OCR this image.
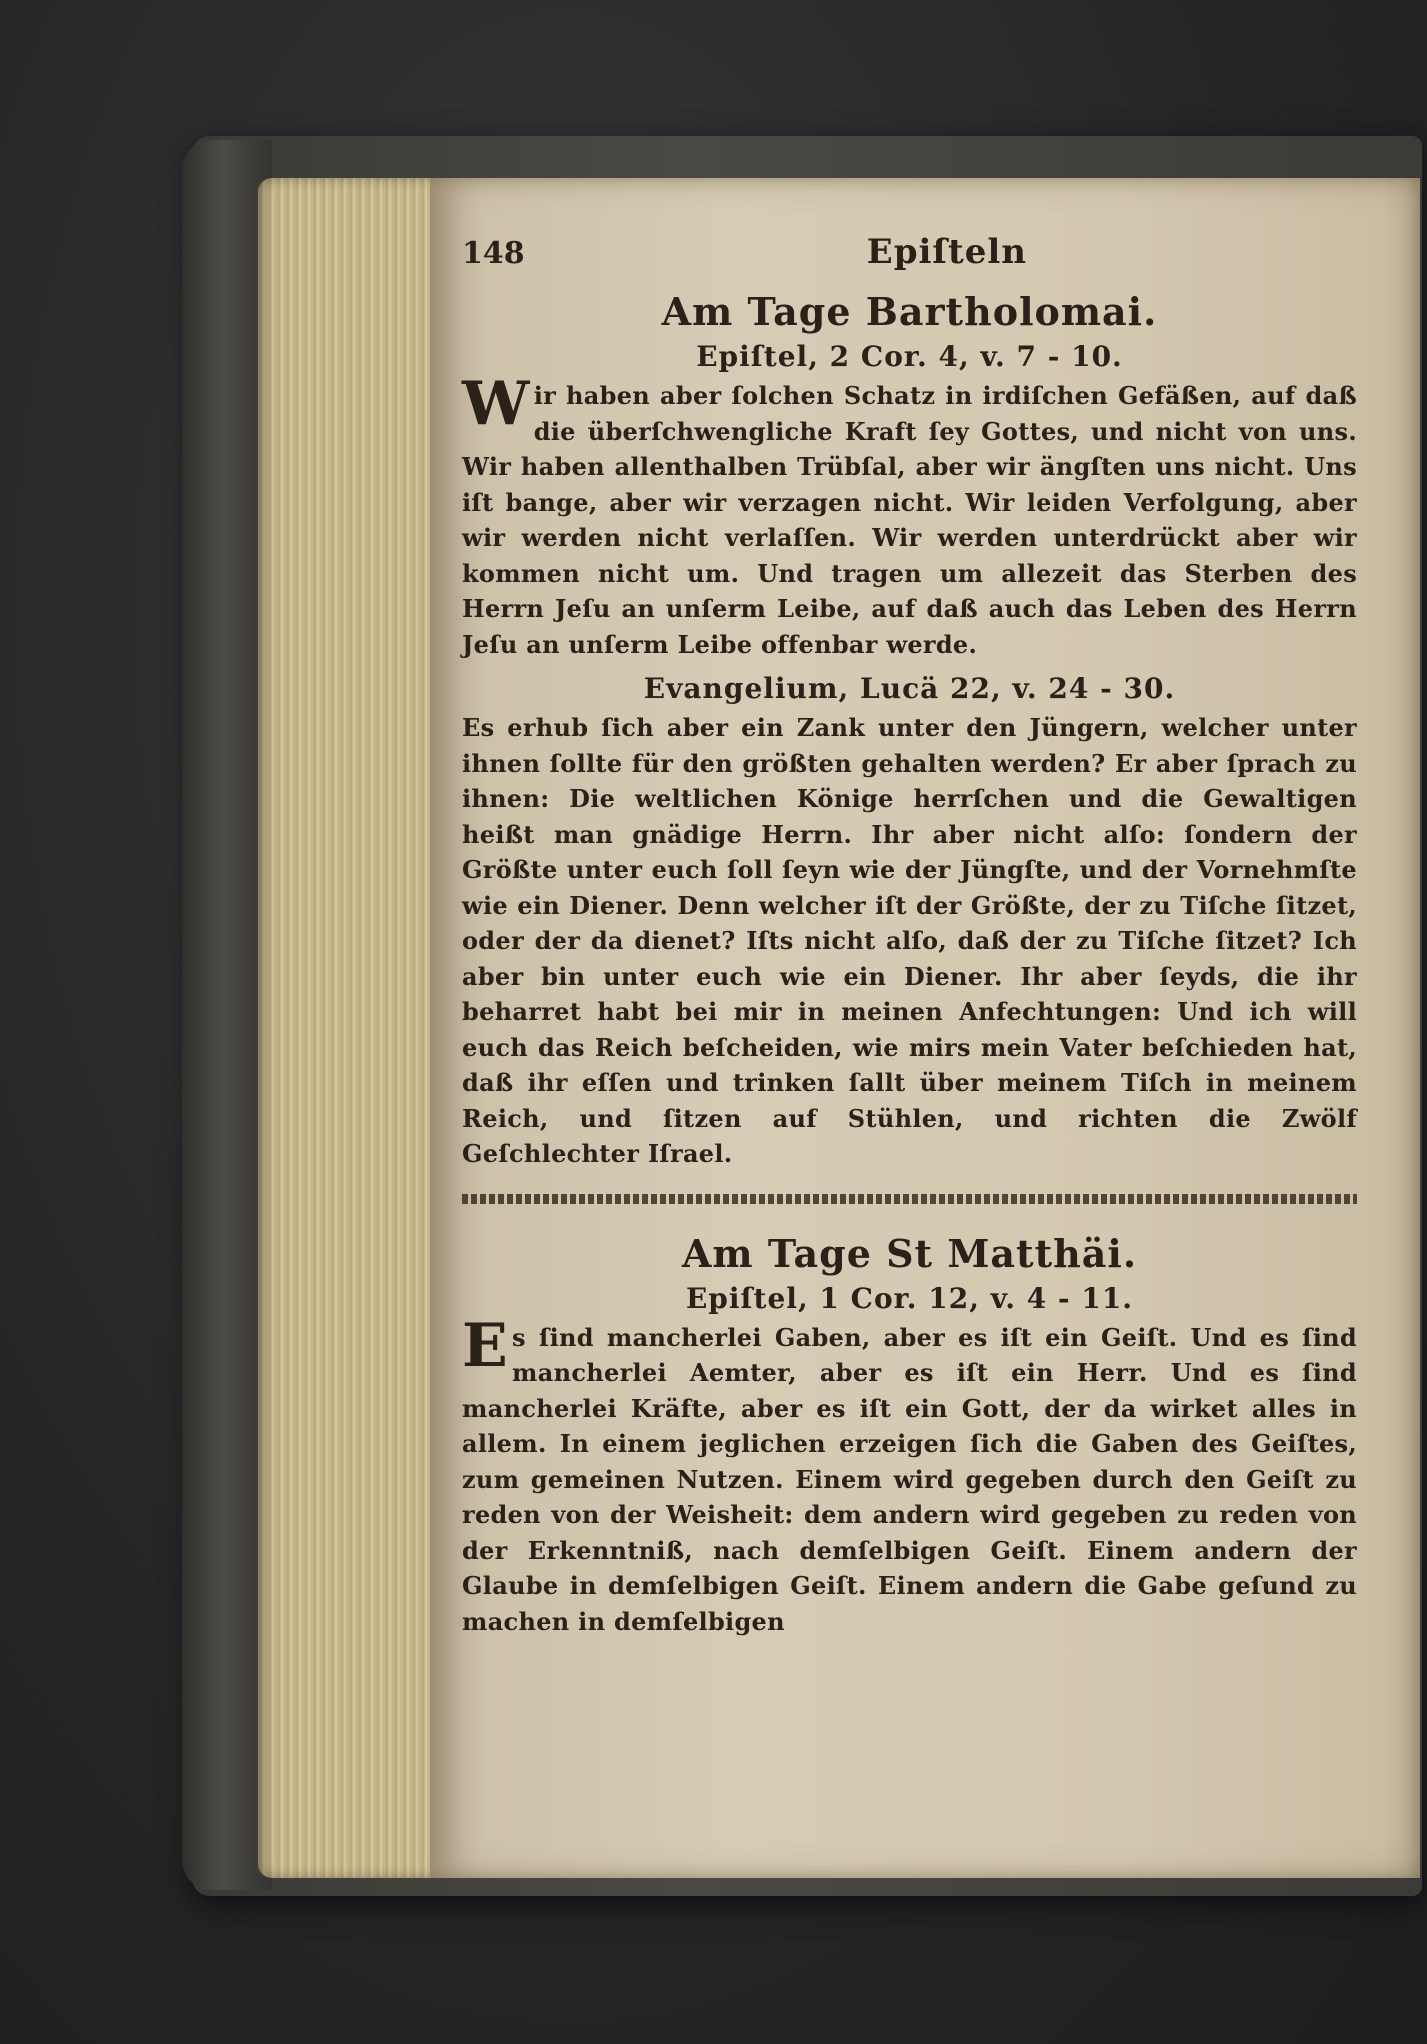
148	Epiſteln
Am Tage Bartholomai.
Epiſtel, 2 Cor. 4, v. 7 - 10.

Wir haben aber ſolchen Schatz in irdiſchen Gefäßen, auf daß die überſchwengliche Kraft ſey Gottes, und nicht von uns. Wir haben allenthalben Trübſal, aber wir ängſten uns nicht. Uns iſt bange, aber wir verzagen nicht. Wir leiden Verfolgung, aber wir werden nicht verlaſſen. Wir werden unterdrückt aber wir kommen nicht um. Und tragen um allezeit das Sterben des Herrn Jeſu an unſerm Leibe, auf daß auch das Leben des Herrn Jeſu an unſerm Leibe offenbar werde.

Evangelium, Lucä 22, v. 24 - 30.

Es erhub ſich aber ein Zank unter den Jüngern, welcher unter ihnen ſollte für den größten gehalten werden? Er aber ſprach zu ihnen: Die weltlichen Könige herrſchen und die Gewaltigen heißt man gnädige Herrn. Ihr aber nicht alſo: ſondern der Größte unter euch ſoll ſeyn wie der Jüngſte, und der Vornehmſte wie ein Diener. Denn welcher iſt der Größte, der zu Tiſche ſitzet, oder der da dienet? Iſts nicht alſo, daß der zu Tiſche ſitzet? Ich aber bin unter euch wie ein Diener. Ihr aber ſeyds, die ihr beharret habt bei mir in meinen Anfechtungen: Und ich will euch das Reich beſcheiden, wie mirs mein Vater beſchieden hat, daß ihr eſſen und trinken ſallt über meinem Tiſch in meinem Reich, und ſitzen auf Stühlen, und richten die Zwölf Geſchlechter Iſrael.

Am Tage St Matthäi.
Epiſtel, 1 Cor. 12, v. 4 - 11.

Es ſind mancherlei Gaben, aber es iſt ein Geiſt. Und es ſind mancherlei Aemter, aber es iſt ein Herr. Und es ſind mancherlei Kräfte, aber es iſt ein Gott, der da wirket alles in allem. In einem jeglichen erzeigen ſich die Gaben des Geiſtes, zum gemeinen Nutzen. Einem wird gegeben durch den Geiſt zu reden von der Weisheit: dem andern wird gegeben zu reden von der Erkenntniß, nach demſelbigen Geiſt. Einem andern der Glaube in demſelbigen Geiſt. Einem andern die Gabe geſund zu machen in demſelbigen
